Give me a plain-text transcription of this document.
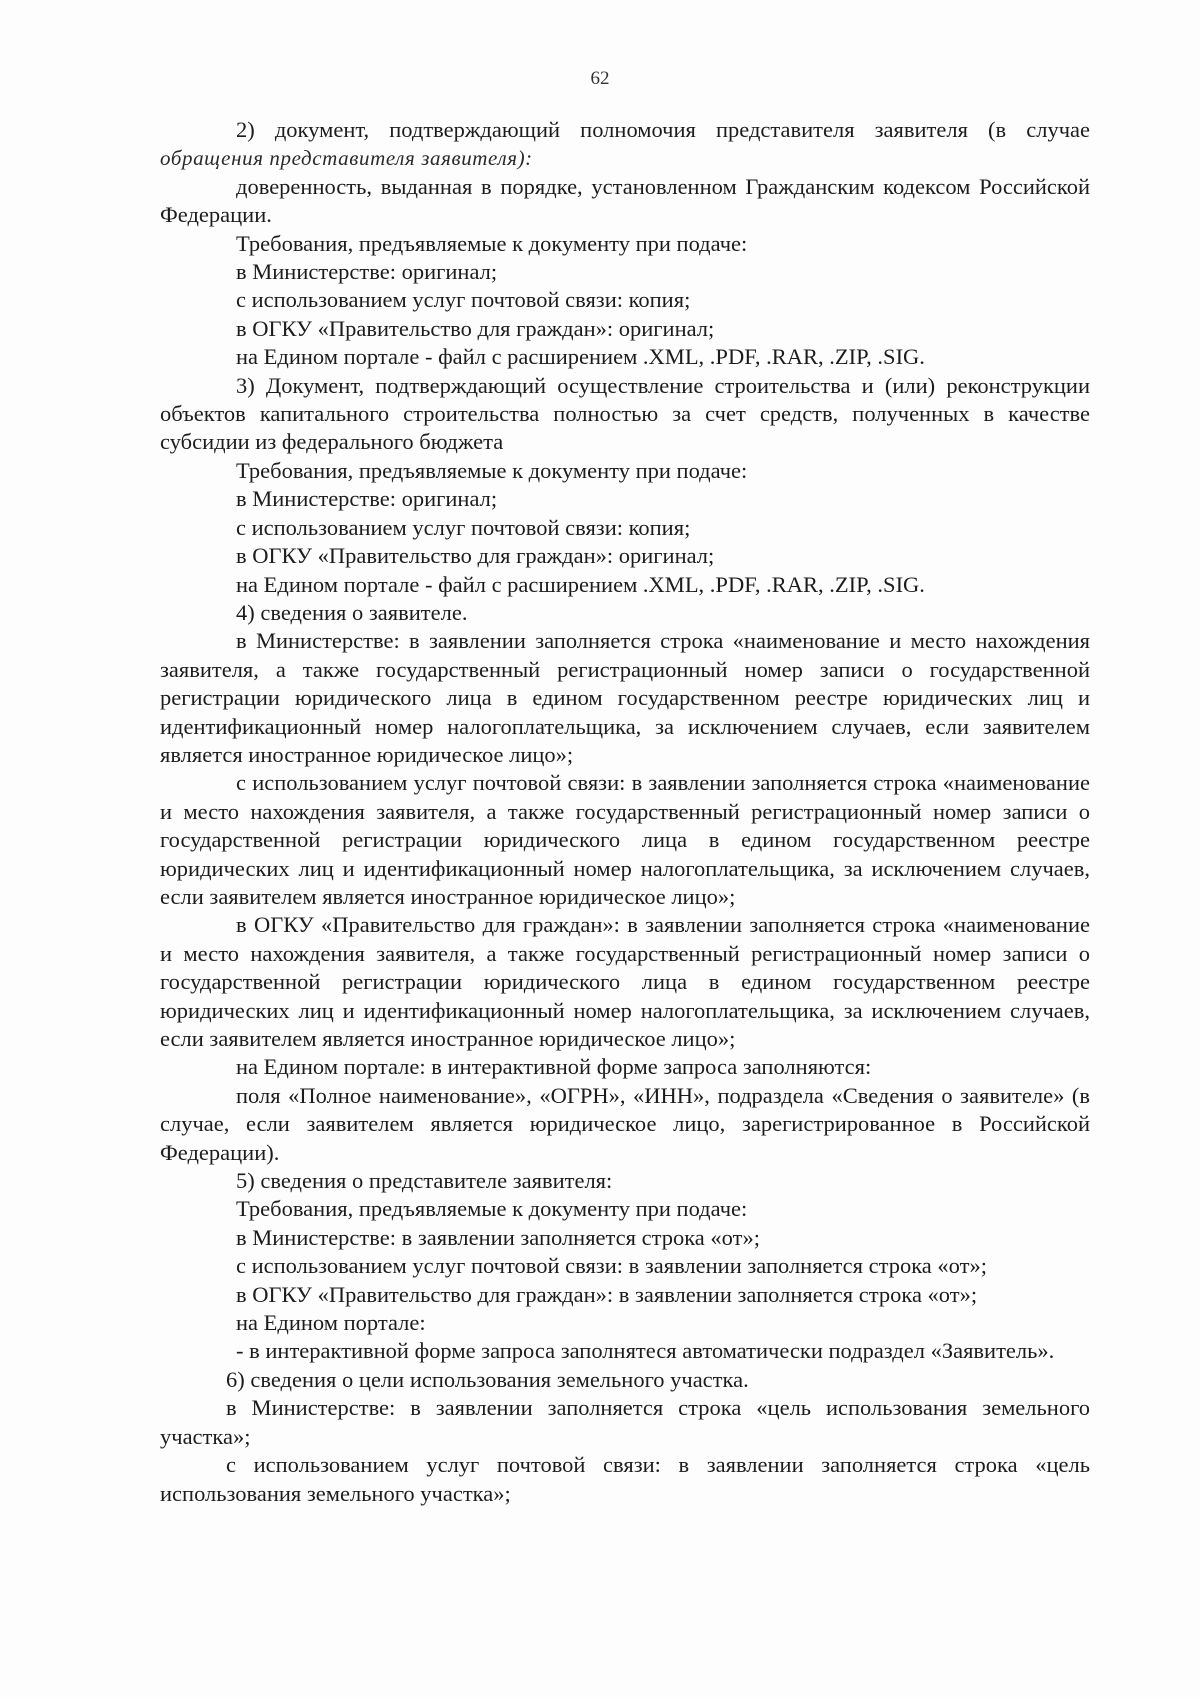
62

2) документ, подтверждающий полномочия представителя заявителя (в случае

обращения представителя заявителя):

доверенность, выданная в порядке, установленном Гражданским кодексом Российской Федерации.

Требования, предъявляемые к документу при подаче:

в Министерстве: оригинал;

с использованием услуг почтовой связи: копия;

в ОГКУ «Правительство для граждан»: оригинал;

на Едином портале - файл с расширением .XML, .PDF, .RAR, .ZIP, .SIG.

3) Документ, подтверждающий осуществление строительства и (или) реконструкции объектов капитального строительства полностью за счет средств, полученных в качестве субсидии из федерального бюджета

Требования, предъявляемые к документу при подаче:

в Министерстве: оригинал;

с использованием услуг почтовой связи: копия;

в ОГКУ «Правительство для граждан»: оригинал;

на Едином портале - файл с расширением .XML, .PDF, .RAR, .ZIP, .SIG.

4) сведения о заявителе.

в Министерстве: в заявлении заполняется строка «наименование и место нахождения заявителя, а также государственный регистрационный номер записи о государственной регистрации юридического лица в едином государственном реестре юридических лиц и идентификационный номер налогоплательщика, за исключением случаев, если заявителем является иностранное юридическое лицо»;

с использованием услуг почтовой связи: в заявлении заполняется строка «наименование и место нахождения заявителя, а также государственный регистрационный номер записи о государственной регистрации юридического лица в едином государственном реестре юридических лиц и идентификационный номер налогоплательщика, за исключением случаев, если заявителем является иностранное юридическое лицо»;

в ОГКУ «Правительство для граждан»: в заявлении заполняется строка «наименование и место нахождения заявителя, а также государственный регистрационный номер записи о государственной регистрации юридического лица в едином государственном реестре юридических лиц и идентификационный номер налогоплательщика, за исключением случаев, если заявителем является иностранное юридическое лицо»;

на Едином портале: в интерактивной форме запроса заполняются:

поля «Полное наименование», «ОГРН», «ИНН», подраздела «Сведения о заявителе» (в случае, если заявителем является юридическое лицо, зарегистрированное в Российской Федерации).

5) сведения о представителе заявителя:

Требования, предъявляемые к документу при подаче:

в Министерстве: в заявлении заполняется строка «от»;

с использованием услуг почтовой связи: в заявлении заполняется строка «от»;

в ОГКУ «Правительство для граждан»: в заявлении заполняется строка «от»;

на Едином портале:

- в интерактивной форме запроса заполнятеся автоматически подраздел «Заявитель».

6) сведения о цели использования земельного участка.

в Министерстве: в заявлении заполняется строка «цель использования земельного участка»;

с использованием услуг почтовой связи: в заявлении заполняется строка «цель использования земельного участка»;
